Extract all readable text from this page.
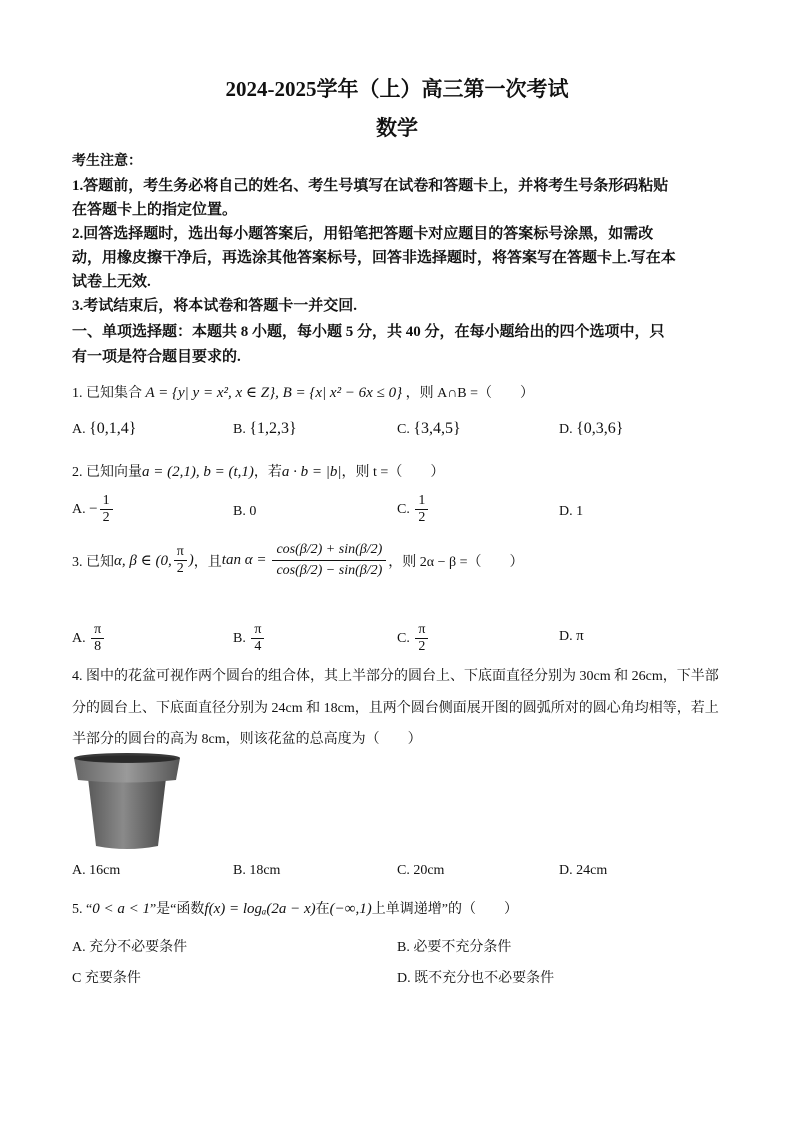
2024-2025学年（上）高三第一次考试
数学
考生注意：
1.答题前，考生务必将自己的姓名、考生号填写在试卷和答题卡上，并将考生号条形码粘贴
在答题卡上的指定位置。
2.回答选择题时，选出每小题答案后，用铅笔把答题卡对应题目的答案标号涂黑，如需改
动，用橡皮擦干净后，再选涂其他答案标号，回答非选择题时，将答案写在答题卡上.写在本
试卷上无效.
3.考试结束后，将本试卷和答题卡一并交回.
一、单项选择题：本题共 8 小题，每小题 5 分，共 40 分，在每小题给出的四个选项中，只
有一项是符合题目要求的.
1. 已知集合 A = {y| y = x², x ∈ Z}, B = {x| x² − 6x ≤ 0} ，则 A∩B =（　　）
A. {0,1,4}	B. {1,2,3}	C. {3,4,5}	D. {0,3,6}
2. 已知向量a = (2,1), b = (t,1)，若a · b = |b|，则 t =（　　）
A. − $\frac{1}{2}$	B. 0	C. $\frac{1}{2}$	D. 1
3. 已知 α, β ∈ (0, $\frac{\pi}{2}$ ) ，且 $\tan \alpha = \frac{\cos(\beta/2) + \sin(\beta/2)}{\cos(\beta/2) - \sin(\beta/2)}$ ，则 2α − β =（　　）
A. $\frac{\pi}{8}$	B. $\frac{\pi}{4}$	C. $\frac{\pi}{2}$	D. π
4. 图中的花盆可视作两个圆台的组合体，其上半部分的圆台上、下底面直径分别为 30cm 和 26cm，下半部
分的圆台上、下底面直径分别为 24cm 和 18cm，且两个圆台侧面展开图的圆弧所对的圆心角均相等，若上
半部分的圆台的高为 8cm，则该花盆的总高度为（　　）
A. 16cm	B. 18cm	C. 20cm	D. 24cm
5. “0 < a < 1”是“函数f(x) = logₐ(2a − x)在(−∞,1)上单调递增”的（　　）
A. 充分不必要条件	B. 必要不充分条件
C 充要条件	D. 既不充分也不必要条件
